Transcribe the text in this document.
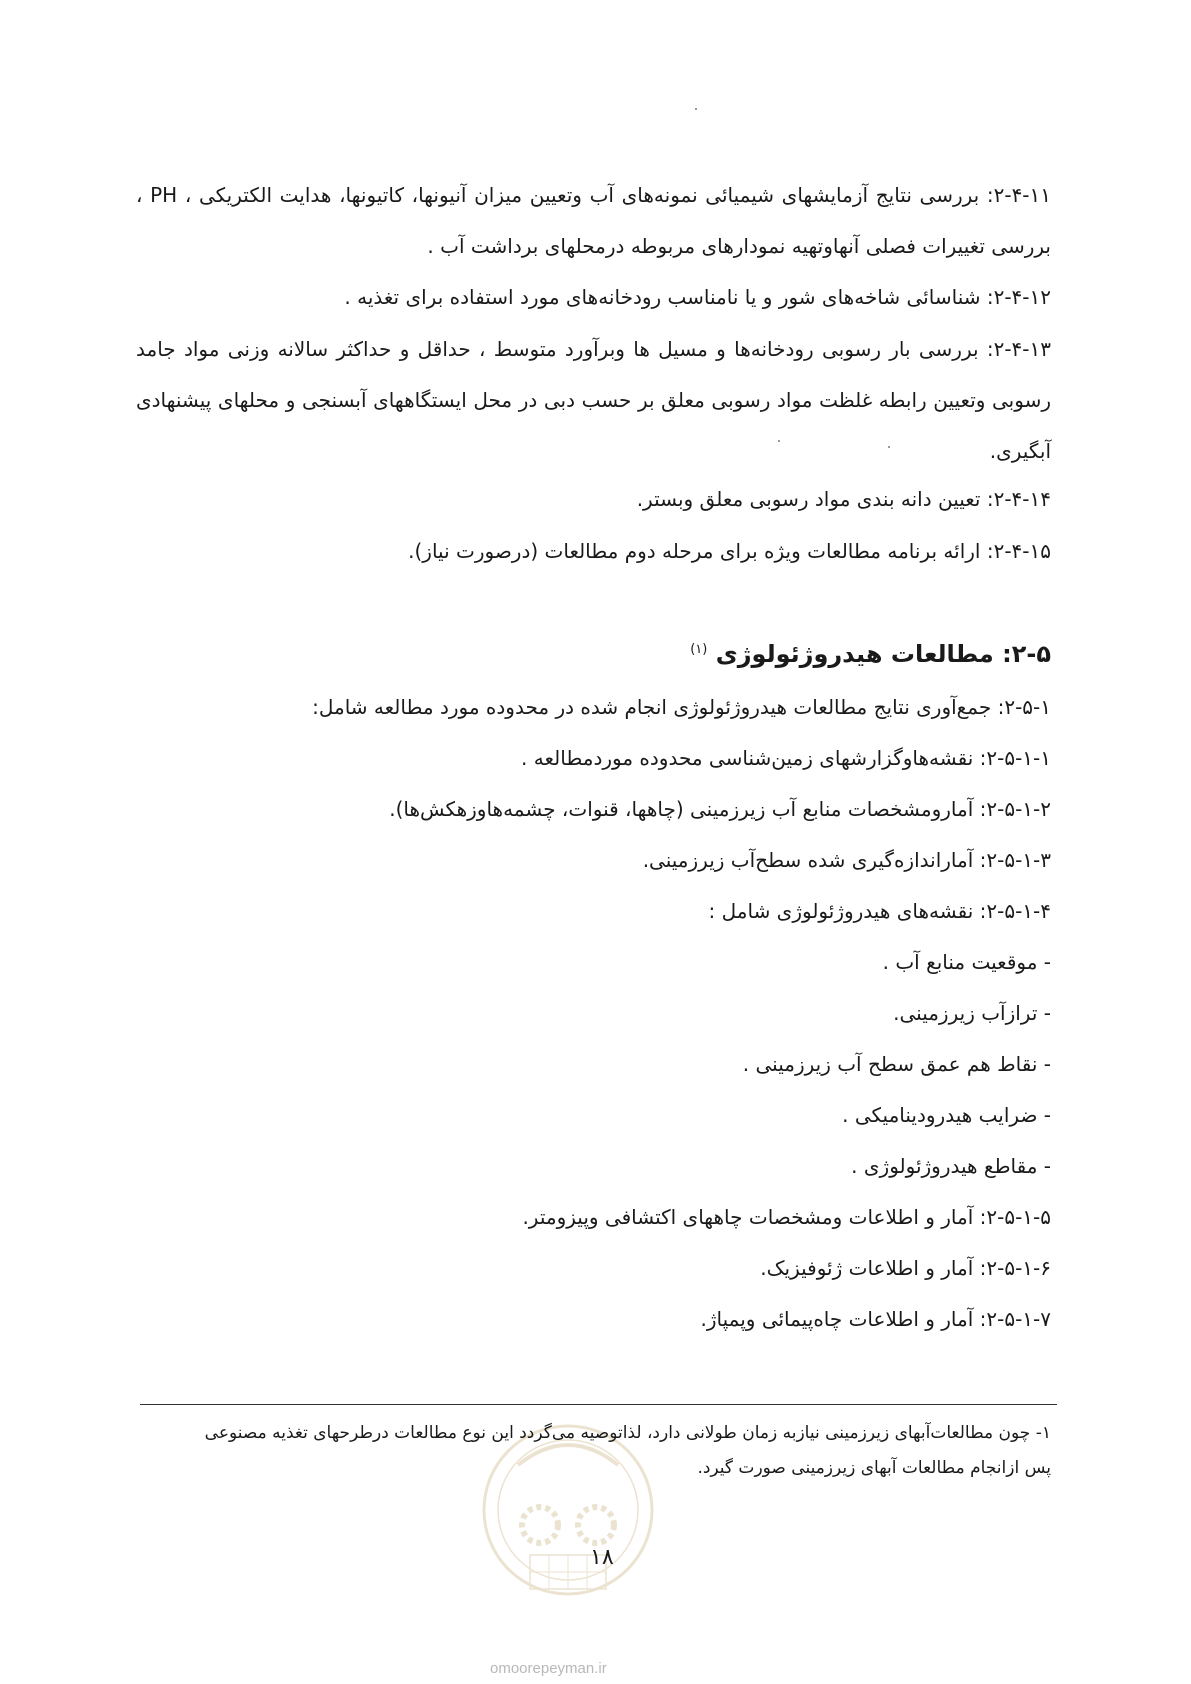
۲-۴-۱۱: بررسی نتایج آزمایشهای شیمیائی نمونه‌های آب وتعیین میزان آنیونها، کاتیونها، هدایت الکتریکی ، PH ، بررسی تغییرات فصلی آنهاوتهیه نمودارهای مربوطه درمحلهای برداشت آب .
۲-۴-۱۲: شناسائی شاخه‌های شور و یا نامناسب رودخانه‌های مورد استفاده برای تغذیه .
۲-۴-۱۳: بررسی بار رسوبی رودخانه‌ها و مسیل ها وبرآورد متوسط ، حداقل و حداکثر سالانه وزنی مواد جامد رسوبی وتعیین رابطه غلظت مواد رسوبی معلق بر حسب دبی در محل ایستگاههای آبسنجی و محلهای پیشنهادی آبگیری.
۲-۴-۱۴: تعیین دانه بندی مواد رسوبی معلق وبستر.
۲-۴-۱۵: ارائه برنامه مطالعات ویژه برای مرحله دوم مطالعات (درصورت نیاز).
۲-۵: مطالعات هیدروژئولوژی $^{(۱)}$
۲-۵-۱: جمع‌آوری نتایج مطالعات هیدروژئولوژی انجام شده در محدوده مورد مطالعه شامل:
۲-۵-۱-۱: نقشه‌هاوگزارشهای زمین‌شناسی محدوده موردمطالعه .
۲-۵-۱-۲: آمارومشخصات منابع آب زیرزمینی (چاهها، قنوات، چشمه‌هاوزهکش‌ها).
۲-۵-۱-۳: آماراندازه‌گیری شده سطح‌آب زیرزمینی.
۲-۵-۱-۴: نقشه‌های هیدروژئولوژی شامل :
- موقعیت منابع آب .
- ترازآب زیرزمینی.
- نقاط هم عمق سطح آب زیرزمینی .
- ضرایب هیدرودینامیکی .
- مقاطع هیدروژئولوژی .
۲-۵-۱-۵: آمار و اطلاعات ومشخصات چاههای اکتشافی وپیزومتر.
۲-۵-۱-۶: آمار و اطلاعات ژئوفیزیک.
۲-۵-۱-۷: آمار و اطلاعات چاه‌پیمائی وپمپاژ.
۱- چون مطالعات‌آبهای زیرزمینی نیازبه زمان طولانی دارد، لذاتوصیه می‌گردد این نوع مطالعات درطرحهای تغذیه مصنوعی
پس ازانجام مطالعات آبهای زیرزمینی صورت گیرد.
۱۸
omoorepeyman.ir
